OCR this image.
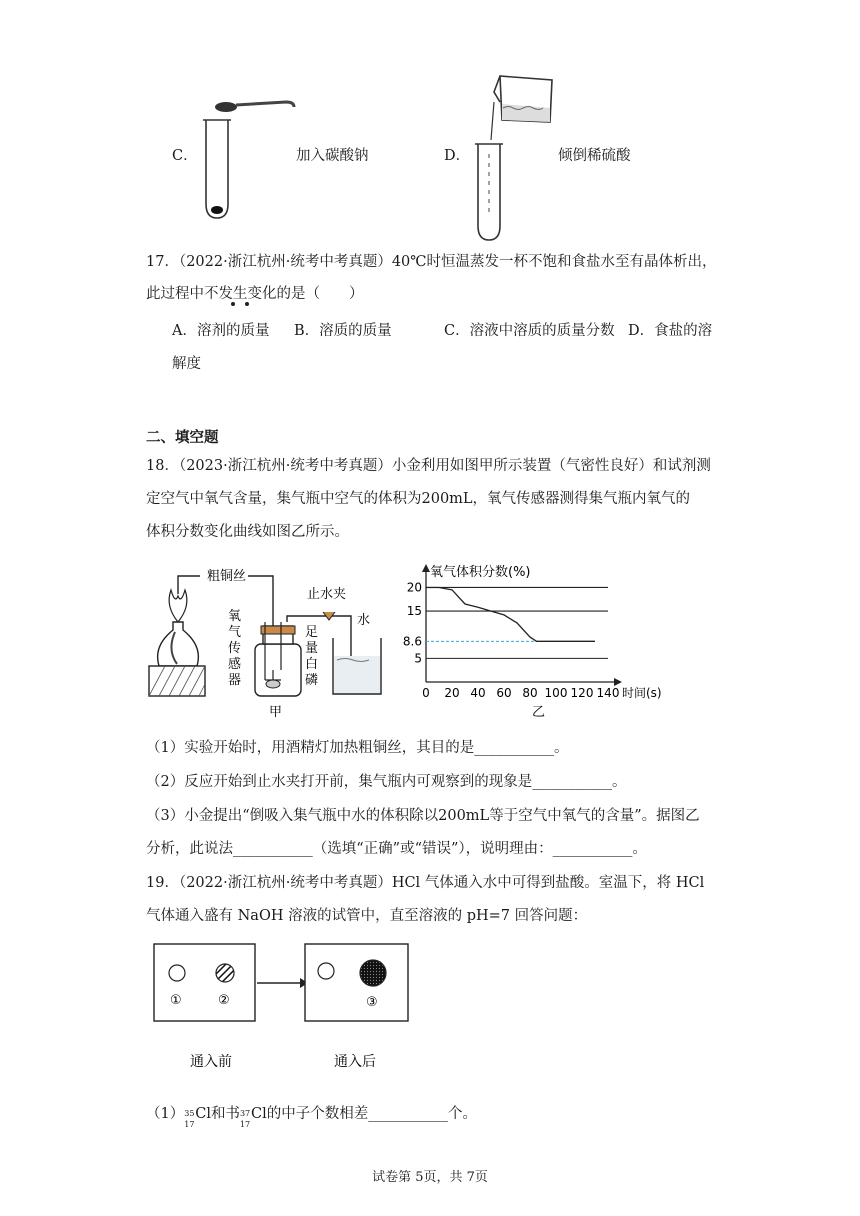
C．	加入碳酸钠	D．	倾倒稀硫酸
17．（2022·浙江杭州·统考中考真题）40℃时恒温蒸发一杯不饱和食盐水至有晶体析出，
此过程中不发生变化的是（　　）
A．溶剂的质量 B．溶质的质量	C．溶液中溶质的质量分数 D．食盐的溶
解度
二、填空题
18．（2023·浙江杭州·统考中考真题）小金利用如图甲所示装置（气密性良好）和试剂测
定空气中氧气含量，集气瓶中空气的体积为200mL，氧气传感器测得集气瓶内氧气的
体积分数变化曲线如图乙所示。
粗铜丝
止水夹
水
氧
气
传
感
器
足
量
白
磷
甲
20
15
8.6
5
0 20 40 60 80 100 120 140
氧气体积分数(%)
时间(s)
乙
（1）实验开始时，用酒精灯加热粗铜丝，其目的是___________。
（2）反应开始到止水夹打开前，集气瓶内可观察到的现象是___________。
（3）小金提出“倒吸入集气瓶中水的体积除以200mL等于空气中氧气的含量”。据图乙
分析，此说法___________（选填“正确”或“错误”），说明理由：___________。
19．（2022·浙江杭州·统考中考真题）HCl 气体通入水中可得到盐酸。室温下，将 HCl
气体通入盛有 NaOH 溶液的试管中，直至溶液的 pH=7 回答问题：
①	②	③
通入前	通入后
（1） 35
17
Cl和书 37
17
Cl的中子个数相差___________个。
试卷第 5页，共 7页
